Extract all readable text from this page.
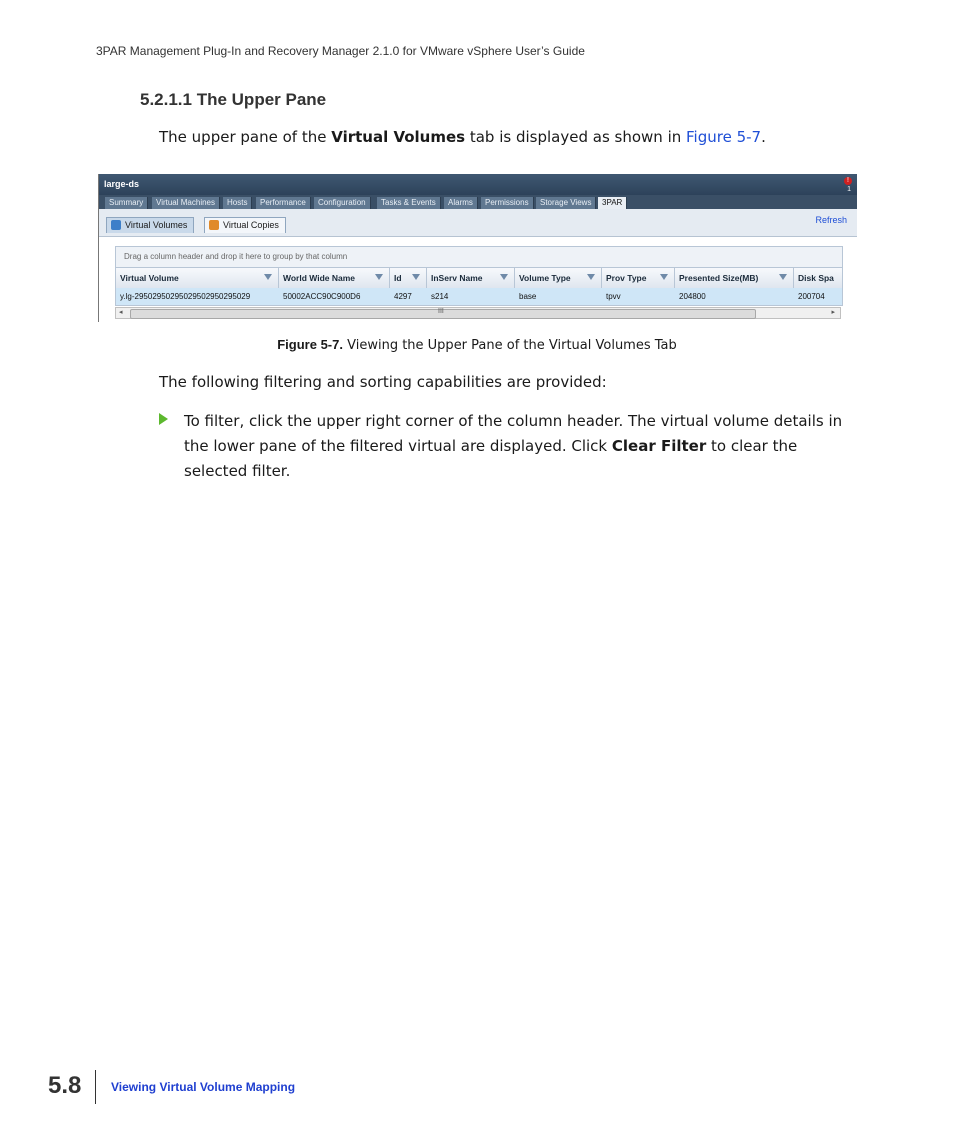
3PAR Management Plug-In and Recovery Manager 2.1.0 for VMware vSphere User’s Guide
5.2.1.1 The Upper Pane
The upper pane of the Virtual Volumes tab is displayed as shown in Figure 5-7.
large-ds	!
1
Summary	Virtual Machines	Hosts	Performance	Configuration	Tasks & Events	Alarms	Permissions	Storage Views	3PAR
Virtual Volumes	Virtual Copies	Refresh
Drag a column header and drop it here to group by that column
Virtual Volume	World Wide Name	Id	InServ Name	Volume Type	Prov Type	Presented Size(MB)	Disk Spa
y.lg-29502950295029502950295029	50002ACC90C900D6	4297	s214	base	tpvv	204800	200704
◂	III	▸
Figure 5-7. Viewing the Upper Pane of the Virtual Volumes Tab
The following filtering and sorting capabilities are provided:
To filter, click the upper right corner of the column header. The virtual volume details in the lower pane of the filtered virtual are displayed. Click Clear Filter to clear the selected filter.
5.8 Viewing Virtual Volume Mapping
